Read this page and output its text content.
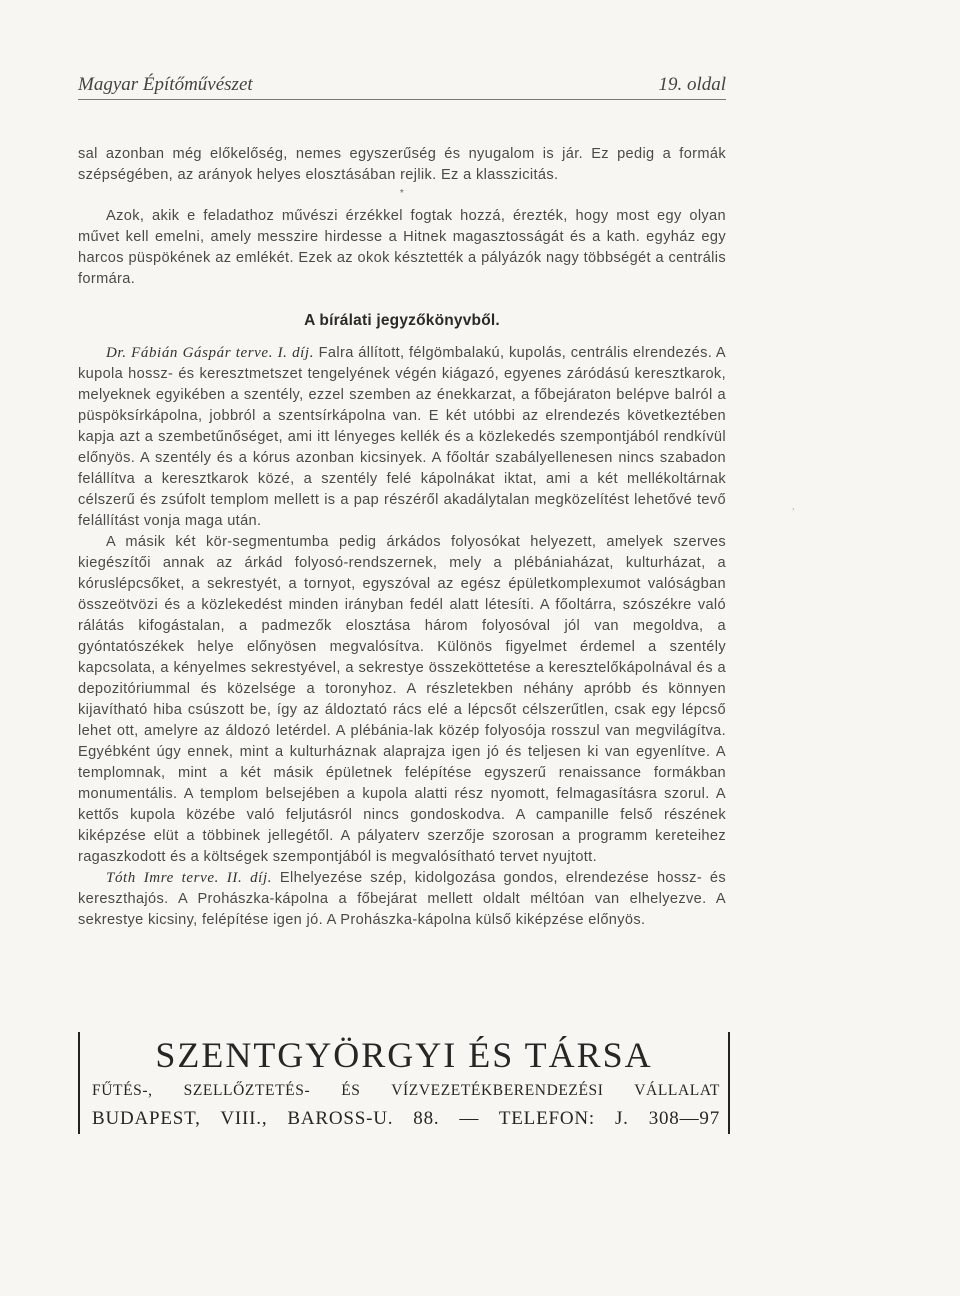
Magyar Építőművészet	19. oldal

sal azonban még előkelőség, nemes egyszerűség és nyugalom is jár. Ez pedig a formák szépségében, az arányok helyes elosztásában rejlik. Ez a klasszicitás.

*

Azok, akik e feladathoz művészi érzékkel fogtak hozzá, érezték, hogy most egy olyan művet kell emelni, amely messzire hirdesse a Hitnek magasztosságát és a kath. egyház egy harcos püspökének az emlékét. Ezek az okok késztették a pályázók nagy többségét a centrális formára.

A bírálati jegyzőkönyvből.

Dr. Fábián Gáspár terve. I. díj. Falra állított, félgömbalakú, kupolás, centrális elrendezés. A kupola hossz- és keresztmetszet tengelyének végén kiágazó, egyenes záródású keresztkarok, melyeknek egyikében a szentély, ezzel szemben az énekkarzat, a főbejáraton belépve balról a püspöksírkápolna, jobbról a szentsírkápolna van. E két utóbbi az elrendezés következtében kapja azt a szembetűnőséget, ami itt lényeges kellék és a közlekedés szempontjából rendkívül előnyös. A szentély és a kórus azonban kicsinyek. A főoltár szabályellenesen nincs szabadon felállítva a keresztkarok közé, a szentély felé kápolnákat iktat, ami a két mellékoltárnak célszerű és zsúfolt templom mellett is a pap részéről akadálytalan megközelítést lehetővé tevő felállítást vonja maga után.

A másik két kör-segmentumba pedig árkádos folyosókat helyezett, amelyek szerves kiegészítői annak az árkád folyosó-rendszernek, mely a plébániaházat, kulturházat, a kóruslépcsőket, a sekrestyét, a tornyot, egyszóval az egész épületkomplexumot valóságban összeötvözi és a közlekedést minden irányban fedél alatt létesíti. A főoltárra, szószékre való rálátás kifogástalan, a padmezők elosztása három folyosóval jól van megoldva, a gyóntatószékek helye előnyösen megvalósítva. Különös figyelmet érdemel a szentély kapcsolata, a kényelmes sekrestyével, a sekrestye összeköttetése a keresztelőkápolnával és a depozitóriummal és közelsége a toronyhoz. A részletekben néhány apróbb és könnyen kijavítható hiba csúszott be, így az áldoztató rács elé a lépcsőt célszerűtlen, csak egy lépcső lehet ott, amelyre az áldozó letérdel. A plébánia-lak közép folyosója rosszul van megvilágítva. Egyébként úgy ennek, mint a kulturháznak alaprajza igen jó és teljesen ki van egyenlítve. A templomnak, mint a két másik épületnek felépítése egyszerű renaissance formákban monumentális. A templom belsejében a kupola alatti rész nyomott, felmagasításra szorul. A kettős kupola közébe való feljutásról nincs gondoskodva. A campanille felső részének kiképzése elüt a többinek jellegétől. A pályaterv szerzője szorosan a programm kereteihez ragaszkodott és a költségek szempontjából is megvalósítható tervet nyujtott.

Tóth Imre terve. II. díj. Elhelyezése szép, kidolgozása gondos, elrendezése hossz- és kereszthajós. A Prohászka-kápolna a főbejárat mellett oldalt méltóan van elhelyezve. A sekrestye kicsiny, felépítése igen jó. A Prohászka-kápolna külső kiképzése előnyös.

SZENTGYÖRGYI ÉS TÁRSA
FŰTÉS-, SZELLŐZTETÉS- ÉS VÍZVEZETÉKBERENDEZÉSI VÁLLALAT
BUDAPEST, VIII., BAROSS-U. 88. — TELEFON: J. 308—97
,
